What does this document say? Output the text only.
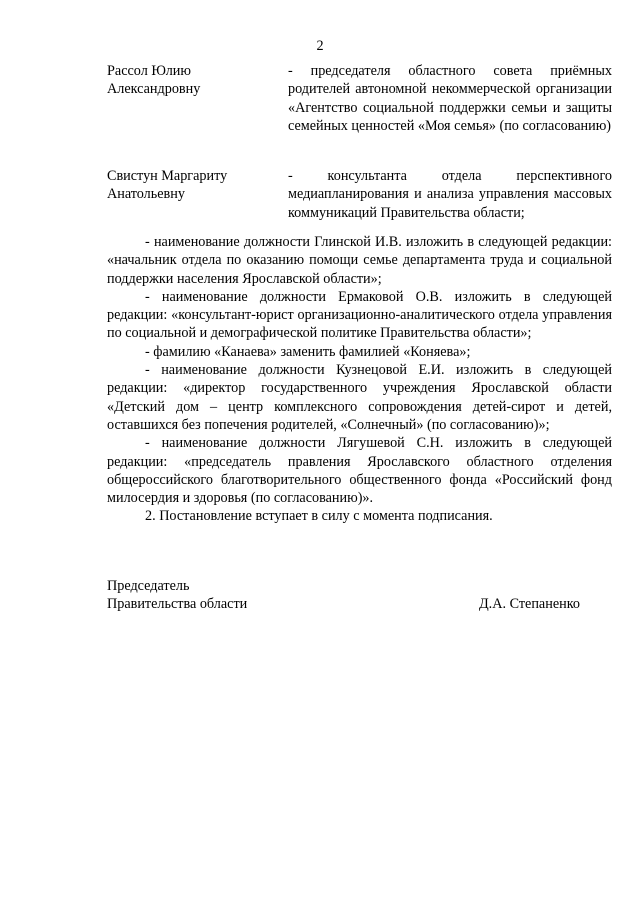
2
Рассол Юлию Александровну
- председателя областного совета приёмных родителей автономной некоммерческой организации «Агентство социальной поддержки семьи и защиты семейных ценностей «Моя семья» (по согласованию)
Свистун Маргариту Анатольевну
- консультанта отдела перспективного медиапланирования и анализа управления массовых коммуникаций Правительства области;

- наименование должности Глинской И.В. изложить в следующей редакции: «начальник отдела по оказанию помощи семье департамента труда и социальной поддержки населения Ярославской области»;

- наименование должности Ермаковой О.В. изложить в следующей редакции: «консультант-юрист организационно-аналитического отдела управления по социальной и демографической политике Правительства области»;

- фамилию «Канаева» заменить фамилией «Коняева»;

- наименование должности Кузнецовой Е.И. изложить в следующей редакции: «директор государственного учреждения Ярославской области «Детский дом – центр комплексного сопровождения детей-сирот и детей, оставшихся без попечения родителей, «Солнечный» (по согласованию)»;

- наименование должности Лягушевой С.Н. изложить в следующей редакции: «председатель правления Ярославского областного отделения общероссийского благотворительного общественного фонда «Российский фонд милосердия и здоровья (по согласованию)».

2. Постановление вступает в силу с момента подписания.

Председатель
Правительства области	Д.А. Степаненко
